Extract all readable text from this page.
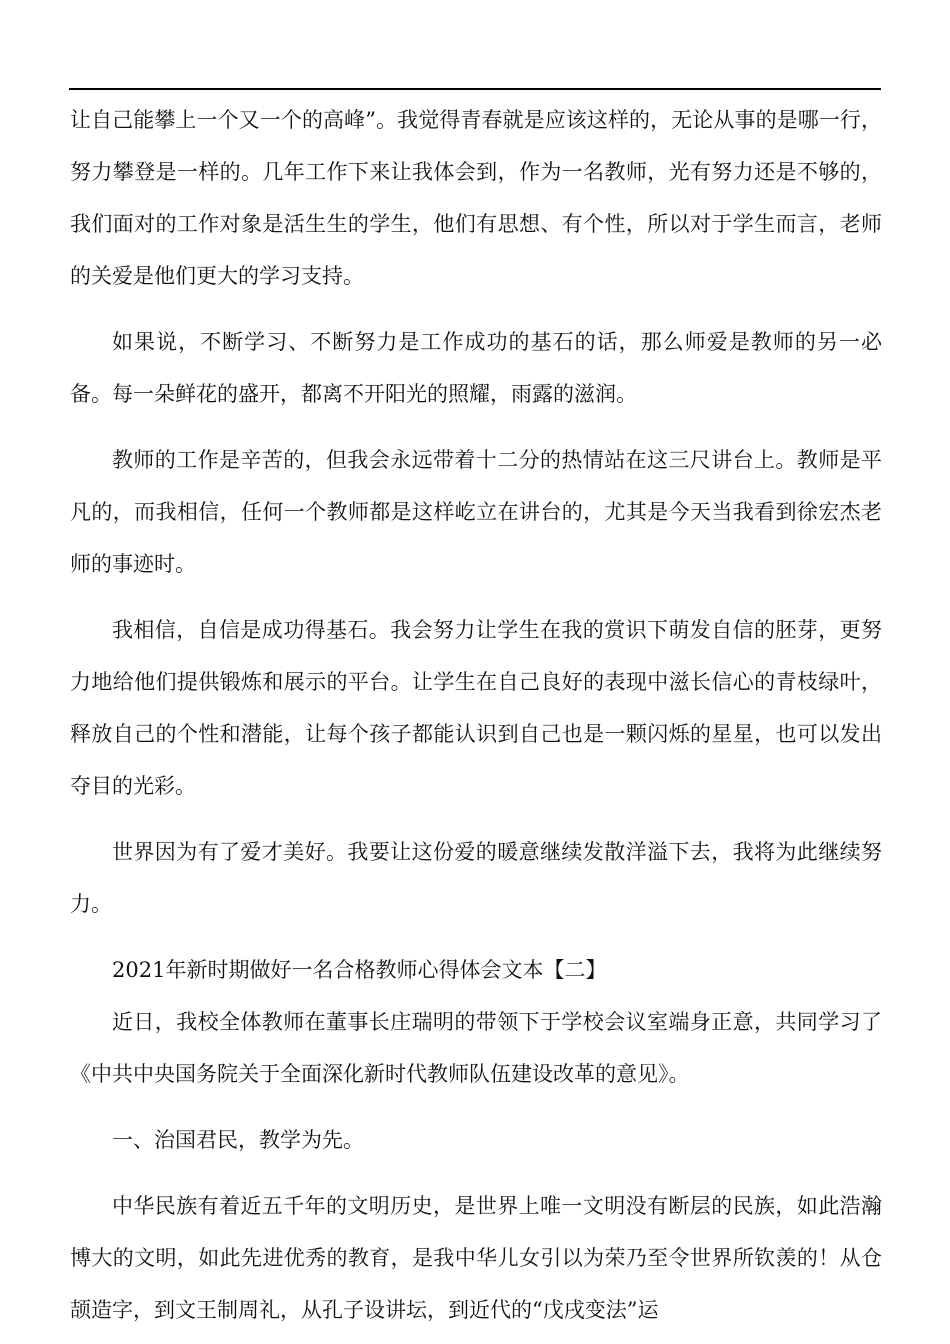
让自己能攀上一个又一个的高峰”。我觉得青春就是应该这样的，无论从事的是哪一行，努力攀登是一样的。几年工作下来让我体会到，作为一名教师，光有努力还是不够的，我们面对的工作对象是活生生的学生，他们有思想、有个性，所以对于学生而言，老师的关爱是他们更大的学习支持。

如果说，不断学习、不断努力是工作成功的基石的话，那么师爱是教师的另一必备。每一朵鲜花的盛开，都离不开阳光的照耀，雨露的滋润。

教师的工作是辛苦的，但我会永远带着十二分的热情站在这三尺讲台上。教师是平凡的，而我相信，任何一个教师都是这样屹立在讲台的，尤其是今天当我看到徐宏杰老师的事迹时。

我相信，自信是成功得基石。我会努力让学生在我的赏识下萌发自信的胚芽，更努力地给他们提供锻炼和展示的平台。让学生在自己良好的表现中滋长信心的青枝绿叶，释放自己的个性和潜能，让每个孩子都能认识到自己也是一颗闪烁的星星，也可以发出夺目的光彩。

世界因为有了爱才美好。我要让这份爱的暖意继续发散洋溢下去，我将为此继续努力。

2021年新时期做好一名合格教师心得体会文本【二】

近日，我校全体教师在董事长庄瑞明的带领下于学校会议室端身正意，共同学习了《中共中央国务院关于全面深化新时代教师队伍建设改革的意见》。

一、治国君民，教学为先。

中华民族有着近五千年的文明历史，是世界上唯一文明没有断层的民族，如此浩瀚博大的文明，如此先进优秀的教育，是我中华儿女引以为荣乃至令世界所钦羡的！从仓颉造字，到文王制周礼，从孔子设讲坛，到近代的“戊戌变法”运
